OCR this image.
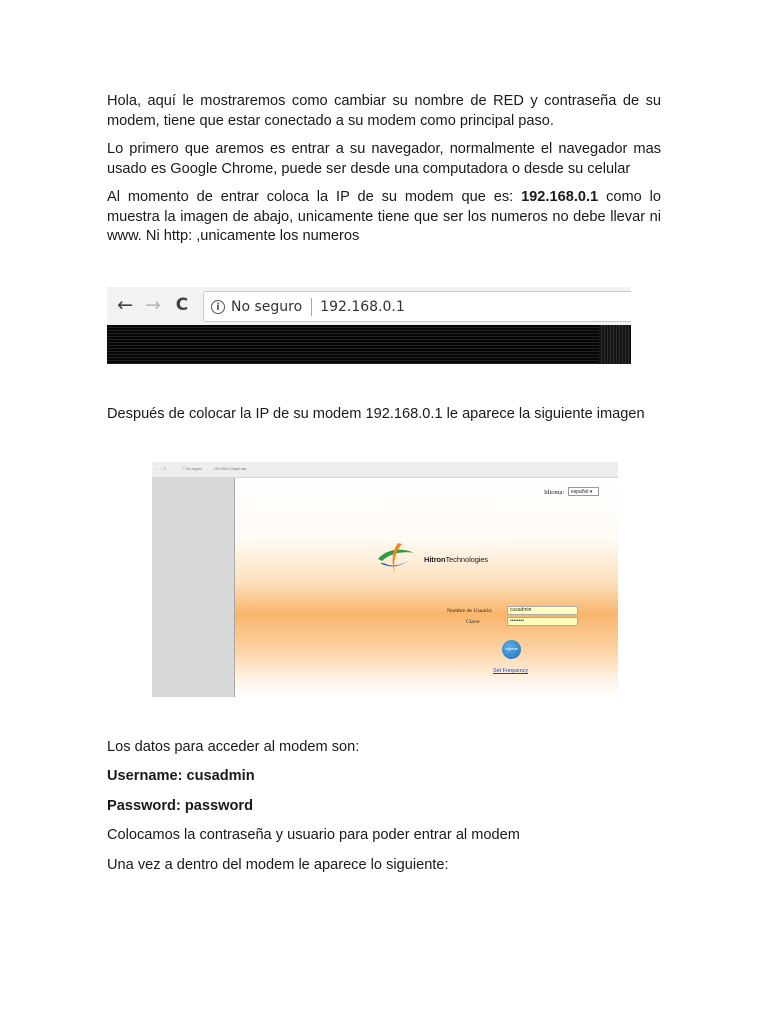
Hola, aquí le mostraremos como cambiar su nombre de RED y contraseña de su modem, tiene que estar conectado a su modem como principal paso.

Lo primero que aremos es entrar a su navegador, normalmente el navegador mas usado es Google Chrome, puede ser desde una computadora o desde su celular

Al momento de entrar coloca la IP de su modem que es: 192.168.0.1 como lo muestra la imagen de abajo, unicamente tiene que ser los numeros no debe llevar ni www. Ni http: ,unicamente los numeros

← → C	i No seguro 192.168.0.1

Después de colocar la IP de su modem 192.168.0.1 le aparece la siguiente imagen

← → C	ⓘ No seguro	192.168.0.1/login.asp
Idioma:	español ▾
HitronTechnologies
Nombre de Usuario:	cusadmin
Clave:	••••••••
Ingresar
Set Frequency

Los datos para acceder al modem son:

Username: cusadmin

Password: password

Colocamos la contraseña y usuario para poder entrar al modem

Una vez a dentro del modem le aparece lo siguiente:
